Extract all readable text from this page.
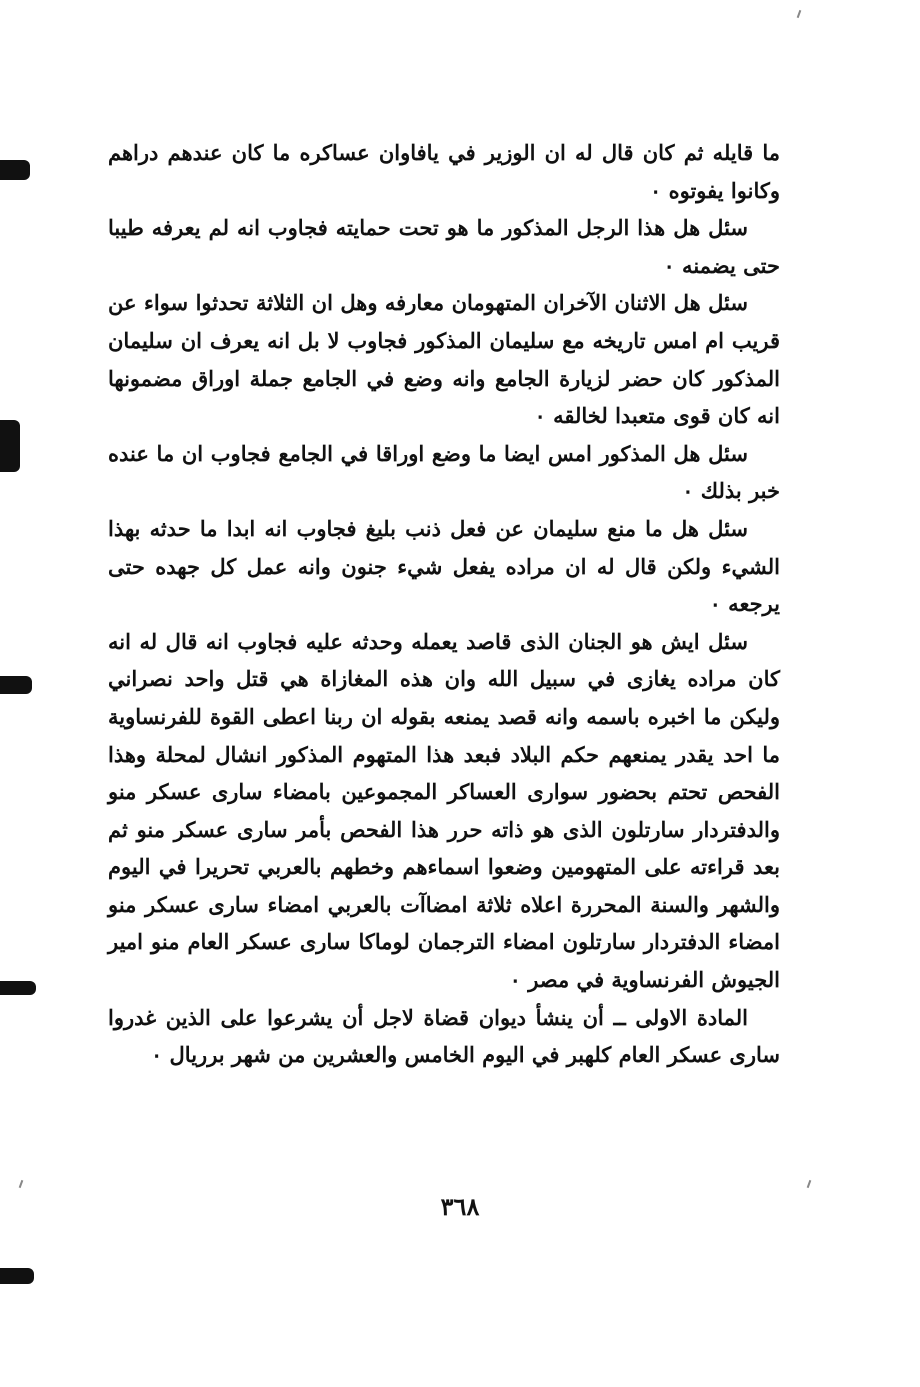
ما قايله ثم كان قال له ان الوزير في يافاوان عساكره ما كان عندهم دراهم وكانوا يفوتوه ٠

سئل هل هذا الرجل المذكور ما هو تحت حمايته فجاوب انه لم يعرفه طيبا حتى يضمنه ٠

سئل هل الاثنان الآخران المتهومان معارفه وهل ان الثلاثة تحدثوا سواء عن قريب ام امس تاريخه مع سليمان المذكور فجاوب لا بل انه يعرف ان سليمان المذكور كان حضر لزيارة الجامع وانه وضع في الجامع جملة اوراق مضمونها انه كان قوى متعبدا لخالقه ٠

سئل هل المذكور امس ايضا ما وضع اوراقا في الجامع فجاوب ان ما عنده خبر بذلك ٠

سئل هل ما منع سليمان عن فعل ذنب بليغ فجاوب انه ابدا ما حدثه بهذا الشيء ولكن قال له ان مراده يفعل شيء جنون وانه عمل كل جهده حتى يرجعه ٠

سئل ايش هو الجنان الذى قاصد يعمله وحدثه عليه فجاوب انه قال له انه كان مراده يغازى في سبيل الله وان هذه المغازاة هي قتل واحد نصراني وليكن ما اخبره باسمه وانه قصد يمنعه بقوله ان ربنا اعطى القوة للفرنساوية ما احد يقدر يمنعهم حكم البلاد فبعد هذا المتهوم المذكور انشال لمحلة وهذا الفحص تحتم بحضور سوارى العساكر المجموعين بامضاء سارى عسكر منو والدفتردار سارتلون الذى هو ذاته حرر هذا الفحص بأمر سارى عسكر منو ثم بعد قراءته على المتهومين وضعوا اسماءهم وخطهم بالعربي تحريرا في اليوم والشهر والسنة المحررة اعلاه ثلاثة امضاآت بالعربي امضاء سارى عسكر منو امضاء الدفتردار سارتلون امضاء الترجمان لوماكا سارى عسكر العام منو امير الجيوش الفرنساوية في مصر ٠

المادة الاولى ــ أن ينشأ ديوان قضاة لاجل أن يشرعوا على الذين غدروا سارى عسكر العام كلهبر في اليوم الخامس والعشرين من شهر برريال ٠

٣٦٨
